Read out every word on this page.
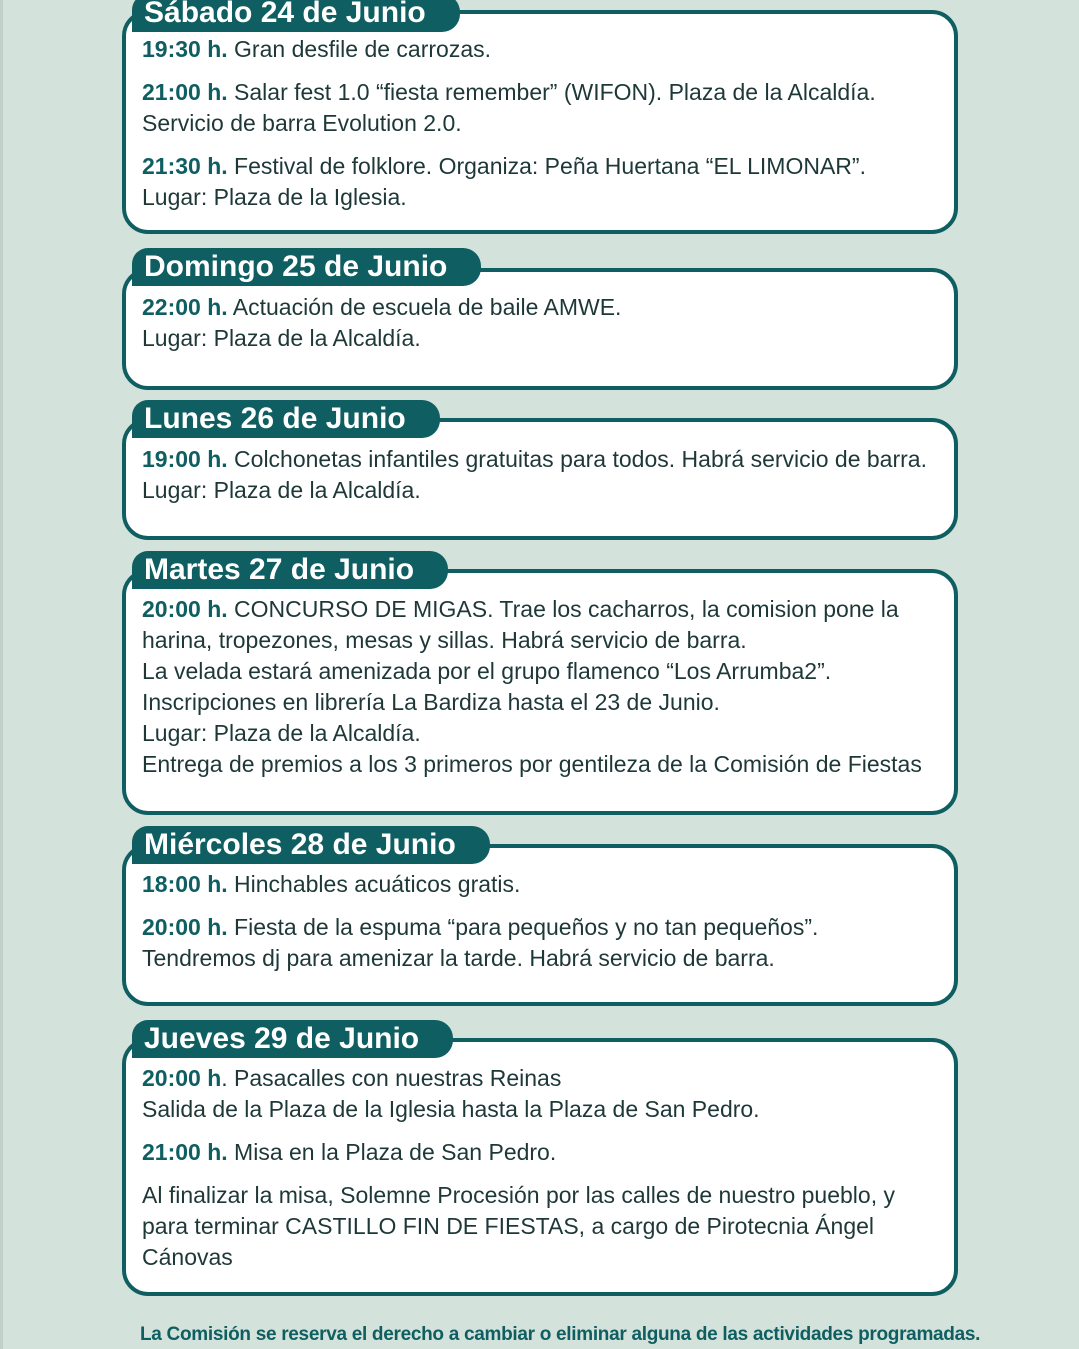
Sábado 24 de Junio

19:30 h. Gran desfile de carrozas.

21:00 h. Salar fest 1.0 “fiesta remember” (WIFON). Plaza de la Alcaldía.
Servicio de barra Evolution 2.0.

21:30 h. Festival de folklore. Organiza: Peña Huertana “EL LIMONAR”.
Lugar: Plaza de la Iglesia.

Domingo 25 de Junio

22:00 h. Actuación de escuela de baile AMWE.
Lugar: Plaza de la Alcaldía.

Lunes 26 de Junio

19:00 h. Colchonetas infantiles gratuitas para todos. Habrá servicio de barra.
Lugar: Plaza de la Alcaldía.

Martes 27 de Junio

20:00 h. CONCURSO DE MIGAS. Trae los cacharros, la comision pone la
harina, tropezones, mesas y sillas. Habrá servicio de barra.
La velada estará amenizada por el grupo flamenco “Los Arrumba2”.
Inscripciones en librería La Bardiza hasta el 23 de Junio.
Lugar: Plaza de la Alcaldía.
Entrega de premios a los 3 primeros por gentileza de la Comisión de Fiestas

Miércoles 28 de Junio

18:00 h. Hinchables acuáticos gratis.

20:00 h. Fiesta de la espuma “para pequeños y no tan pequeños”.
Tendremos dj para amenizar la tarde. Habrá servicio de barra.

Jueves 29 de Junio

20:00 h. Pasacalles con nuestras Reinas
Salida de la Plaza de la Iglesia hasta la Plaza de San Pedro.

21:00 h. Misa en la Plaza de San Pedro.

Al finalizar la misa, Solemne Procesión por las calles de nuestro pueblo, y
para terminar CASTILLO FIN DE FIESTAS, a cargo de Pirotecnia Ángel
Cánovas

La Comisión se reserva el derecho a cambiar o eliminar alguna de las actividades programadas.
